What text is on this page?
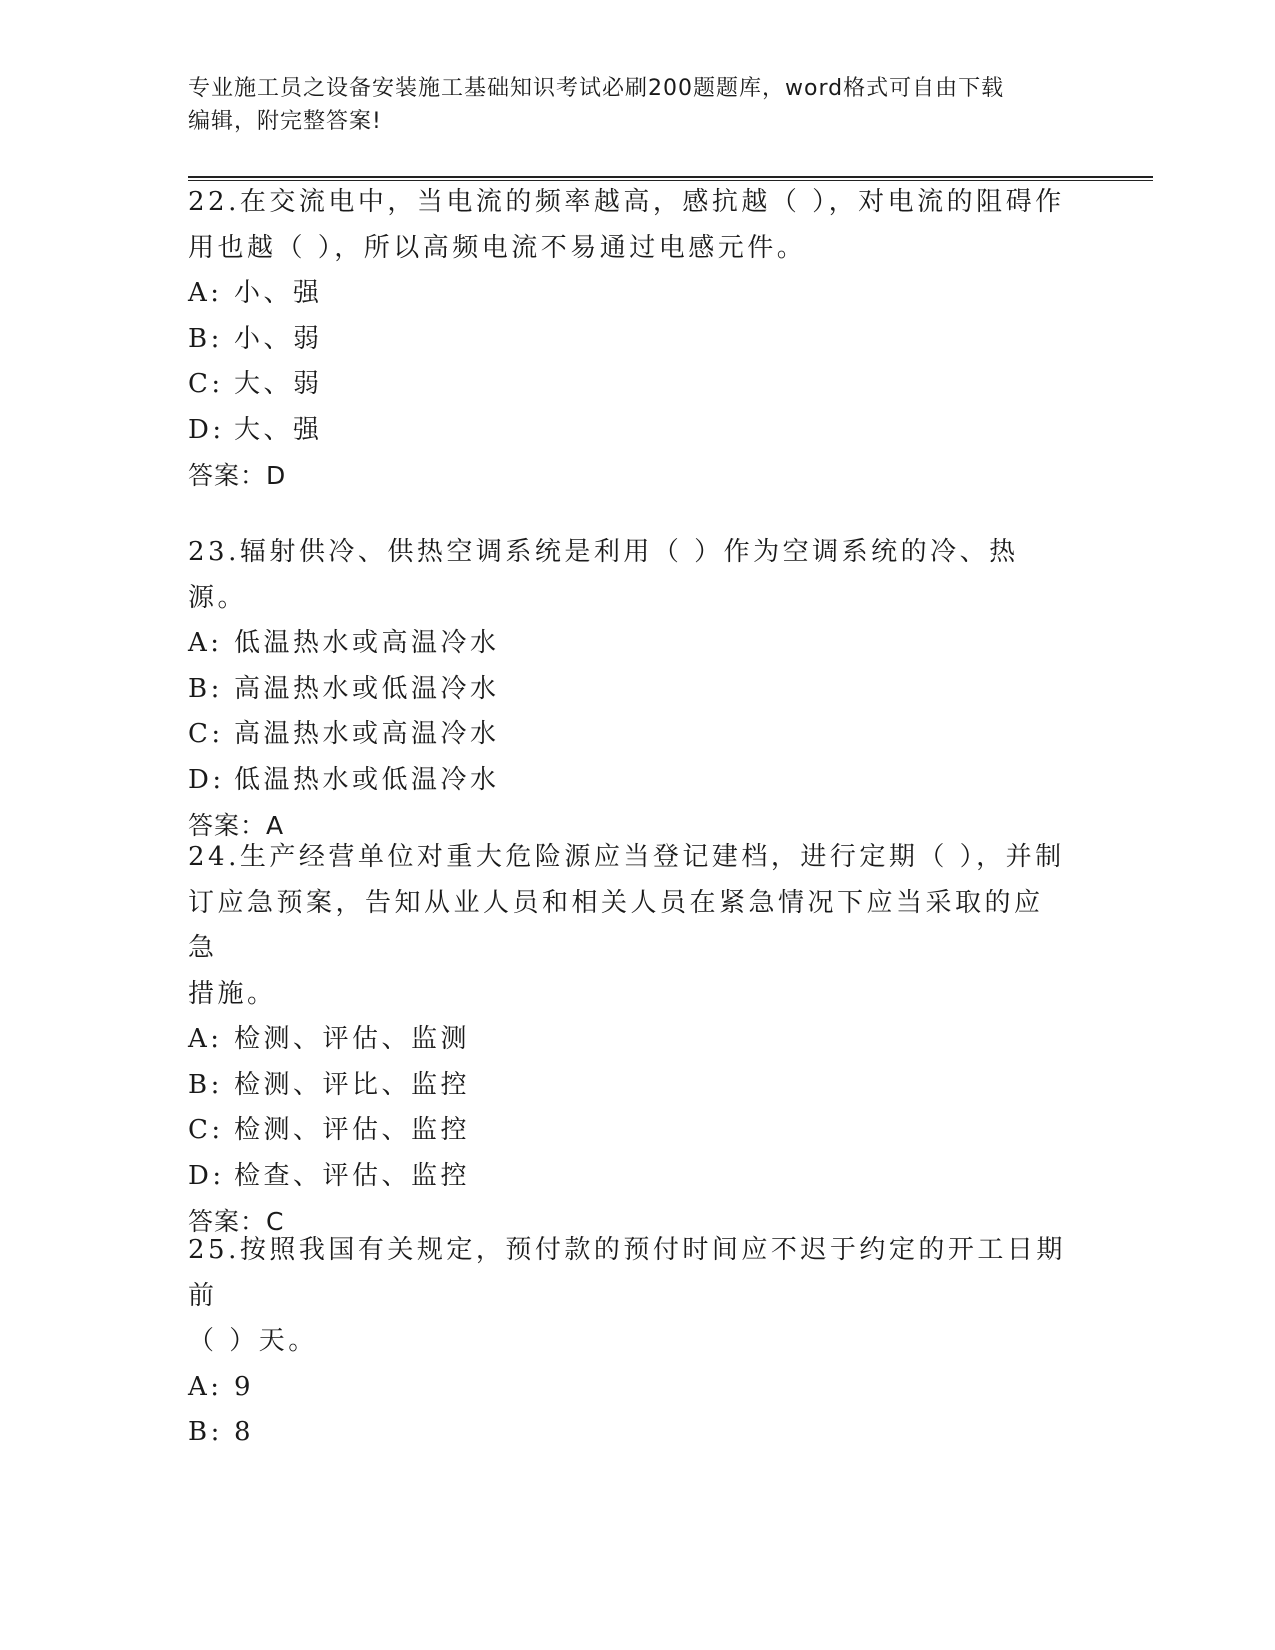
专业施工员之设备安装施工基础知识考试必刷200题题库，word格式可自由下载
编辑，附完整答案!
22.在交流电中，当电流的频率越高，感抗越（ ），对电流的阻碍作
用也越（ ），所以高频电流不易通过电感元件。
A: 小、强
B: 小、弱
C: 大、弱
D: 大、强
答案：D
23.辐射供冷、供热空调系统是利用（ ）作为空调系统的冷、热源。
A: 低温热水或高温冷水
B: 高温热水或低温冷水
C: 高温热水或高温冷水
D: 低温热水或低温冷水
答案：A
24.生产经营单位对重大危险源应当登记建档，进行定期（ ），并制
订应急预案，告知从业人员和相关人员在紧急情况下应当采取的应急
措施。
A: 检测、评估、监测
B: 检测、评比、监控
C: 检测、评估、监控
D: 检查、评估、监控
答案：C
25.按照我国有关规定，预付款的预付时间应不迟于约定的开工日期前
（ ）天。
A: 9
B: 8
